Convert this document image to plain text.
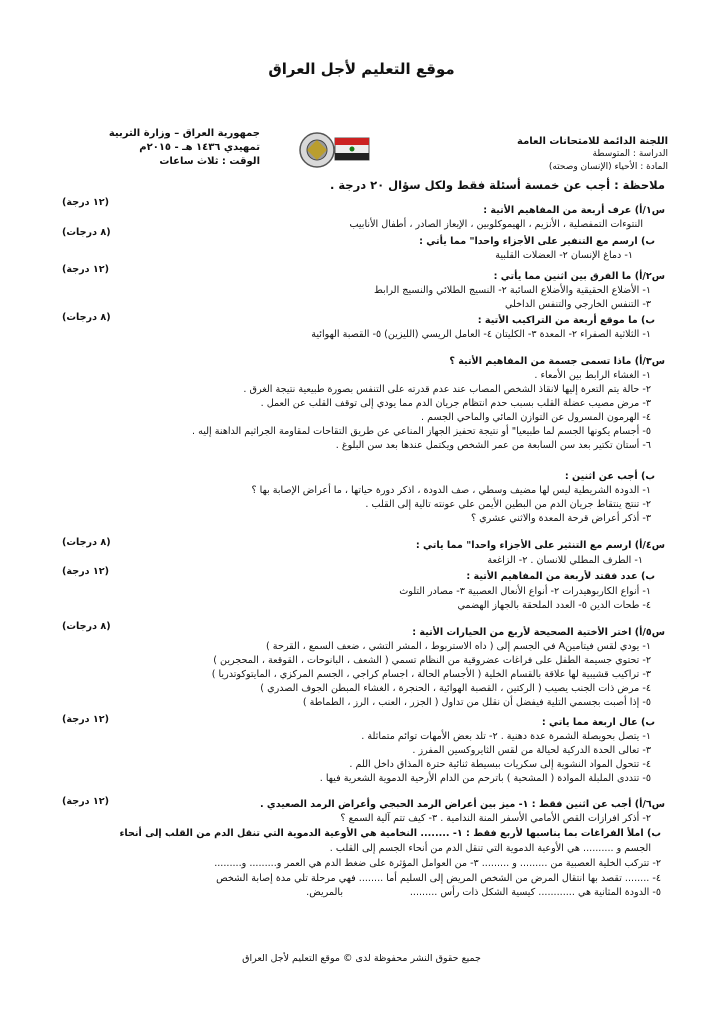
موقع التعليم لأجل العراق
اللجنة الدائمة للامتحانات العامة
الدراسة : المتوسطة
المادة : الأحياء (الإنسان وصحته)
جمهورية العراق – وزارة التربية
تمهيدي ١٤٣٦ هـ - ٢٠١٥م
الوقت : ثلاث ساعات
ملاحظة : أجب عن خمسة أسئلة فقط ولكل سؤال ٢٠ درجة .
س١/أ) عرف أربعة من المفاهيم الأتية :
النتوءات التمفصلية ، الأنزيم ، الهيموكلوبين ، الإيعاز الصادر ، أطفال الأنابيب
ب) ارسم مع التنفير على الأجزاء واحدا" مما يأتي :
١- دماغ الإنسان ٢- العضلات القلبية
س٢/أ) ما الفرق بين اثنين مما يأتي :
١- الأضلاع الحقيقية والأضلاع السائبة ٢- النسيج الطلائي والنسيج الرابط
٣- التنفس الخارجي والتنفس الداخلي
ب) ما موقع أربعة من التراكيب الأتية :
١- الثلاثية الصفراء ٢- المعدة ٣- الكليتان ٤- العامل الريسي (الليزين) ٥- القصبة الهوائية
س٣/أ) ماذا تسمى جسمة من المفاهيم الأتية ؟
١- الغشاء الرابط بين الأمعاء .
٢- حالة يتم التعرة إليها لانقاذ الشخص المصاب عند عدم قدرته على التنفس بصورة طبيعية نتيجة الغرق .
٣- مرض مصيب عضلة القلب بسبب حدم انتظام جريان الدم مما يودي إلى توقف القلب عن العمل .
٤- الهرمون المسرول عن التوازن المائي والماحي الجسم .
٥- أجسام يكونها الجسم لما طبيعيا" أو نتيجة تحفيز الجهاز المناعي عن طريق التقاحات لمقاومة الجراثيم الداهنة إليه .
٦- أستان تكتير بعد سن السابعة من عمر الشخص ويكتمل عندها بعد سن البلوغ .
ب) أجب عن اثنين :
١- الدودة الشريطية ليس لها مضيف وسطي ، صف الدودة ، اذكر دورة حياتها ، ما أعراض الإصابة بها ؟
٢- تنتج ينتقاط جريان الدم من البطين الأيمن علي عونته تالية إلى القلب .
٣- أذكر أعراض قرحة المعدة والاثني عشري ؟
س٤/أ) ارسم مع التنثير على الأجزاء واحدا" مما ياتي :
١- الطرف المطلي للانسان . ٢- الزاغعة
ب) عدد فقتد لأربعة من المفاهيم الأتية :
١- أنواع الكاربوهيدرات ٢- أنواع الأنعال العصبية ٣- مصادر التلوث
٤- طحات الدين ٥- العدد الملحقة بالجهاز الهضمي
س٥/أ) اختر الأختية الصحيحة لأربع من الحيارات الأتية :
١- يودي لقس فيتامينA في الجسم إلى ( داه الاستربوط ، المشر التشي ، ضعف السمع ، القرحة )
٢- تحتوي جسيمة الطفل على فراغات عضروقية من النظام تسمي ( الشعف ، البانوحات ، القوقعة ، المحجرين )
٣- تراكيب قشيبية لها علاقة بالقسام الخلية ( الأجسام الحالة ، اجسام كراجي ، الجسم المركزي ، المايتوكوتدريا )
٤- مرض ذات الجنب يصيب ( الركتين ، القصبة الهوائية ، الحنجرة ، الغشاء المبطن الجوف الصدري )
٥- إذا أصبت بجسمي التلية فيفضل أن نقلل من تداول ( الجزر ، العنب ، الرز ، الطماطة )
ب) عال اربعة مما ياتي :
١- يتصل بحويصلة الشمرة عدة دهنية . ٢- تلد بعض الأمهات توائم متماثلة .
٣- تعالى الحدة الدركية لحيالة من لقس الثايروكسين المفرز .
٤- تتحول المواد النشوية إلى سكريات ببسيطة ثنائية حترة المذاق داخل اللم .
٥- تتددى الملبلة الموادة ( المشحية ) باترحم من الدام الأرحية الدموية الشعرية فيها .
س٦/أ) أجب عن اثنين فقط : ١- ميز بين أعراض الرمد الحبجي وأعراض الرمد الصعيدي .
٢- أذكر افرازات القص الأمامي الأسفر المنة الندامية . ٣- كيف تتم آلية السمع ؟
ب) املأ الفراغات بما يناسبها لأربع فقط : ١- ........ النخامية هي الأوعية الدموية التي تنقل الدم من القلب إلى أنحاء
الجسم و .......... هي الأوعية الدموية التي تنقل الدم من أنحاء الجسم إلى القلب .
٢- تتركب الخلية العصبية من ......... و ......... ٣- من العوامل المؤثرة على ضغط الدم هي العمر و......... و.........
٤- ........ تقصد بها انتقال المرض من الشخص المريض إلى السليم أما ........ فهي مرحلة تلي مدة إصابة الشخص
بالمريض.	٥- الدودة المثانية هي ............ كيسية الشكل ذات رأس .........
(١٢ درجة)
(٨ درجات)
(١٢ درجة)
(٨ درجات)
(٨ درجات)
(١٢ درجة)
(٨ درجات)
(١٢ درجة)
(١٢ درجة)
جميع حقوق النشر محفوظة لدى © موقع التعليم لأجل العراق
